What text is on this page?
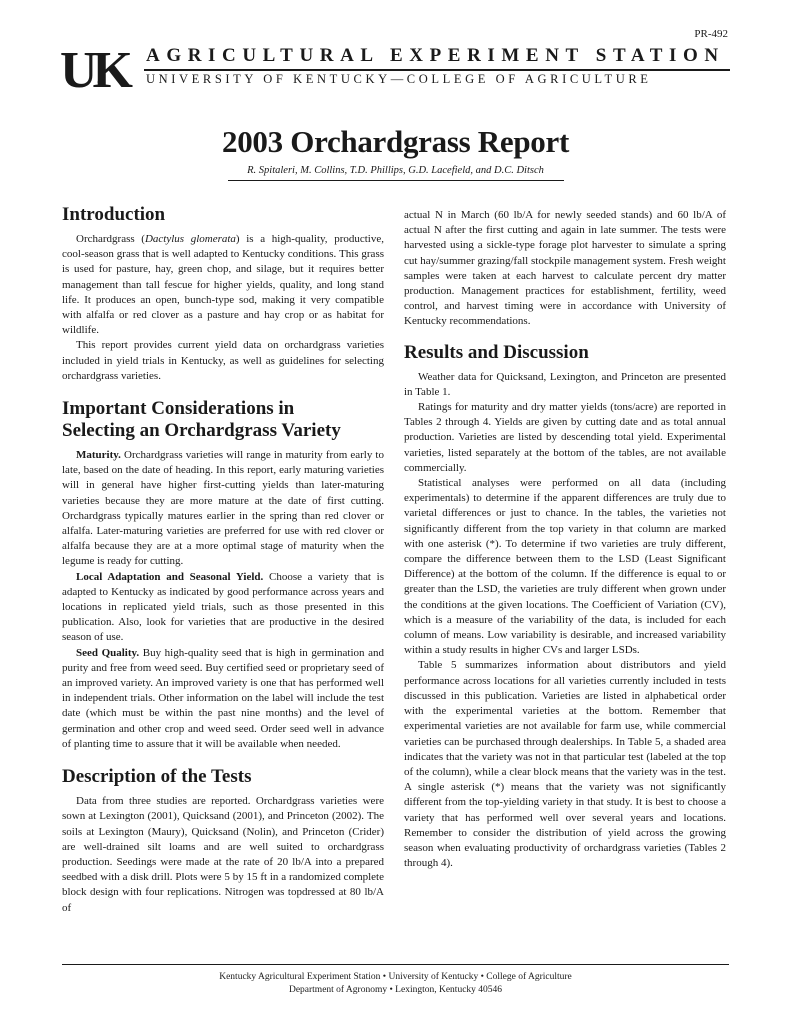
PR-492
UK AGRICULTURAL EXPERIMENT STATION
UNIVERSITY OF KENTUCKY—COLLEGE OF AGRICULTURE
2003 Orchardgrass Report
R. Spitaleri, M. Collins, T.D. Phillips, G.D. Lacefield, and D.C. Ditsch
Introduction

Orchardgrass (Dactylus glomerata) is a high-quality, productive, cool-season grass that is well adapted to Kentucky conditions. This grass is used for pasture, hay, green chop, and silage, but it requires better management than tall fescue for higher yields, quality, and long stand life. It produces an open, bunch-type sod, making it very compatible with alfalfa or red clover as a pasture and hay crop or as habitat for wildlife.

This report provides current yield data on orchardgrass varieties included in yield trials in Kentucky, as well as guidelines for selecting orchardgrass varieties.

Important Considerations in
Selecting an Orchardgrass Variety

Maturity. Orchardgrass varieties will range in maturity from early to late, based on the date of heading. In this report, early maturing varieties will in general have higher first-cutting yields than later-maturing varieties because they are more mature at the date of first cutting. Orchardgrass typically matures earlier in the spring than red clover or alfalfa. Later-maturing varieties are preferred for use with red clover or alfalfa because they are at a more optimal stage of maturity when the legume is ready for cutting.

Local Adaptation and Seasonal Yield. Choose a variety that is adapted to Kentucky as indicated by good performance across years and locations in replicated yield trials, such as those presented in this publication. Also, look for varieties that are productive in the desired season of use.

Seed Quality. Buy high-quality seed that is high in germination and purity and free from weed seed. Buy certified seed or proprietary seed of an improved variety. An improved variety is one that has performed well in independent trials. Other information on the label will include the test date (which must be within the past nine months) and the level of germination and other crop and weed seed. Order seed well in advance of planting time to assure that it will be available when needed.

Description of the Tests

Data from three studies are reported. Orchardgrass varieties were sown at Lexington (2001), Quicksand (2001), and Princeton (2002). The soils at Lexington (Maury), Quicksand (Nolin), and Princeton (Crider) are well-drained silt loams and are well suited to orchardgrass production. Seedings were made at the rate of 20 lb/A into a prepared seedbed with a disk drill. Plots were 5 by 15 ft in a randomized complete block design with four replications. Nitrogen was topdressed at 80 lb/A of

actual N in March (60 lb/A for newly seeded stands) and 60 lb/A of actual N after the first cutting and again in late summer. The tests were harvested using a sickle-type forage plot harvester to simulate a spring cut hay/summer grazing/fall stockpile management system. Fresh weight samples were taken at each harvest to calculate percent dry matter production. Management practices for establishment, fertility, weed control, and harvest timing were in accordance with University of Kentucky recommendations.

Results and Discussion

Weather data for Quicksand, Lexington, and Princeton are presented in Table 1.

Ratings for maturity and dry matter yields (tons/acre) are reported in Tables 2 through 4. Yields are given by cutting date and as total annual production. Varieties are listed by descending total yield. Experimental varieties, listed separately at the bottom of the tables, are not available commercially.

Statistical analyses were performed on all data (including experimentals) to determine if the apparent differences are truly due to varietal differences or just to chance. In the tables, the varieties not significantly different from the top variety in that column are marked with one asterisk (*). To determine if two varieties are truly different, compare the difference between them to the LSD (Least Significant Difference) at the bottom of the column. If the difference is equal to or greater than the LSD, the varieties are truly different when grown under the conditions at the given locations. The Coefficient of Variation (CV), which is a measure of the variability of the data, is included for each column of means. Low variability is desirable, and increased variability within a study results in higher CVs and larger LSDs.

Table 5 summarizes information about distributors and yield performance across locations for all varieties currently included in tests discussed in this publication. Varieties are listed in alphabetical order with the experimental varieties at the bottom. Remember that experimental varieties are not available for farm use, while commercial varieties can be purchased through dealerships. In Table 5, a shaded area indicates that the variety was not in that particular test (labeled at the top of the column), while a clear block means that the variety was in the test. A single asterisk (*) means that the variety was not significantly different from the top-yielding variety in that study. It is best to choose a variety that has performed well over several years and locations. Remember to consider the distribution of yield across the growing season when evaluating productivity of orchardgrass varieties (Tables 2 through 4).

Kentucky Agricultural Experiment Station • University of Kentucky • College of Agriculture
Department of Agronomy • Lexington, Kentucky 40546
